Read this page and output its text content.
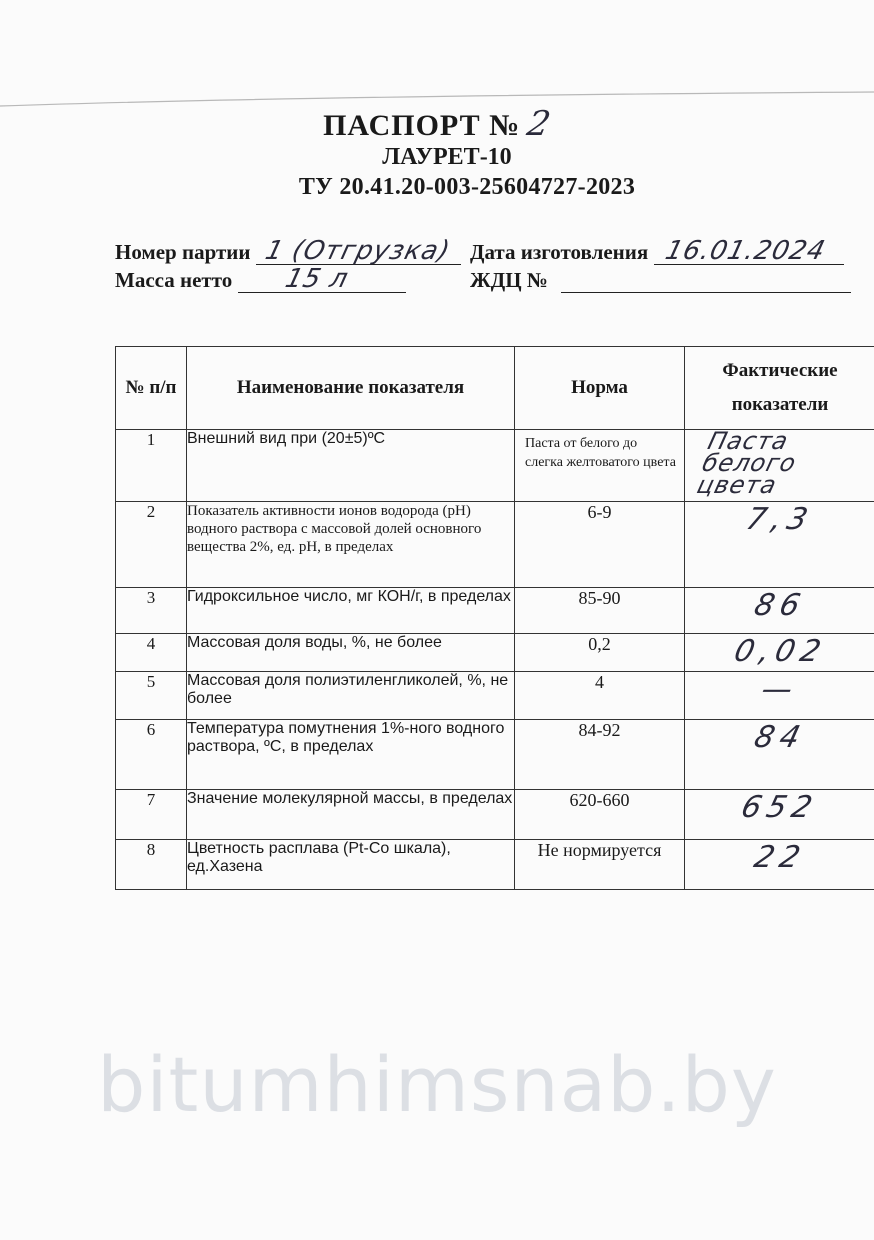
ПАСПОРТ № 2
ЛАУРЕТ-10
ТУ 20.41.20-003-25604727-2023
Номер партии 1 (Отгрузка)
Масса нетто 15 л
Дата изготовления 16.01.2024
ЖДЦ №
№ п/п	Наименование показателя	Норма	Фактические показатели
1	Внешний вид при (20±5)ºС	Паста от белого до слегка желтоватого цвета	Паста белого цвета
2	Показатель активности ионов водорода (pH) водного раствора с массовой долей основного вещества 2%, ед. pH, в пределах	6-9	7,3
3	Гидроксильное число, мг КОН/г, в пределах	85-90	86
4	Массовая доля воды, %, не более	0,2	0,02
5	Массовая доля полиэтиленгликолей, %, не более	4	—
6	Температура помутнения 1%-ного водного раствора, ºС, в пределах	84-92	84
7	Значение молекулярной массы, в пределах	620-660	652
8	Цветность расплава (Pt-Co шкала), ед.Хазена	Не нормируется	22
bitumhimsnab.by
